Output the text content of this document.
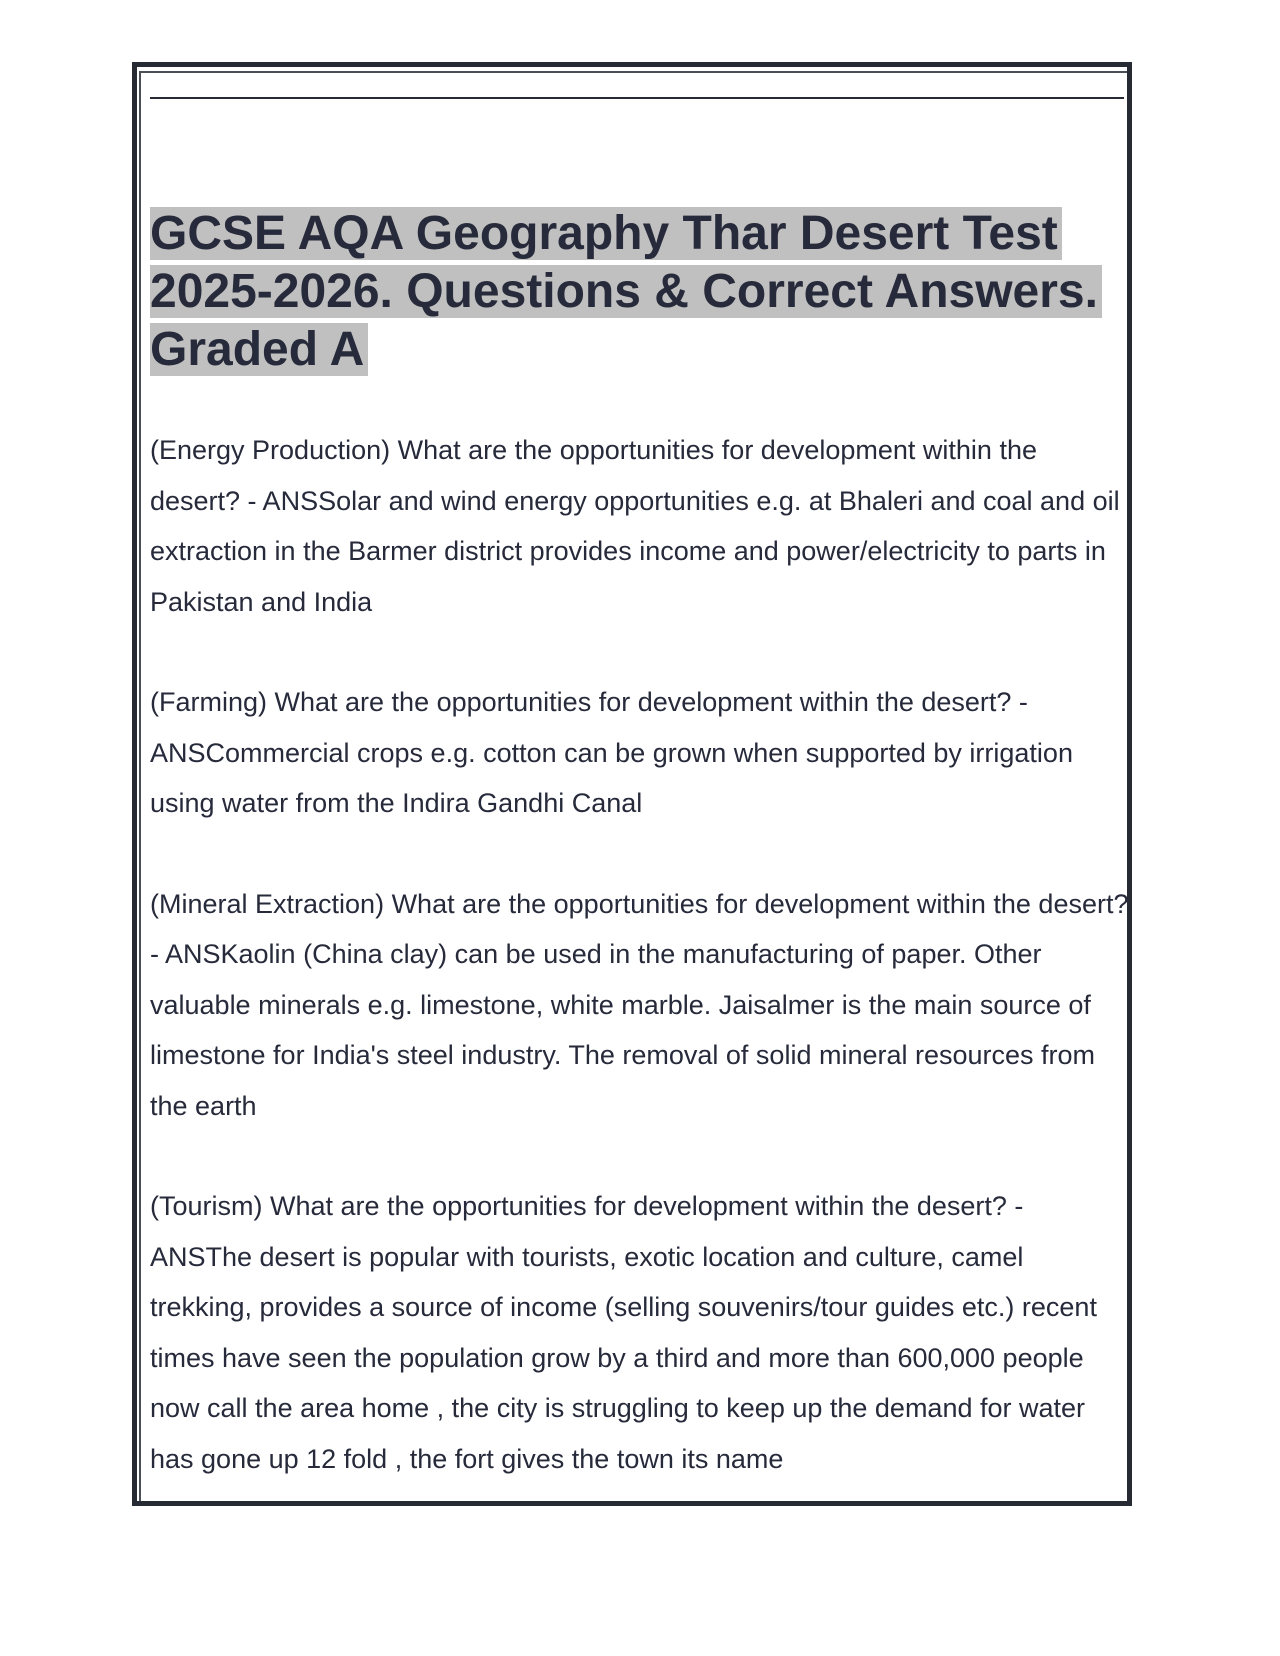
GCSE AQA Geography Thar Desert Test 2025-2026. Questions & Correct Answers. Graded A

(Energy Production) What are the opportunities for development within the desert? - ANSSolar and wind energy opportunities e.g. at Bhaleri and coal and oil extraction in the Barmer district provides income and power/electricity to parts in Pakistan and India

(Farming) What are the opportunities for development within the desert? - ANSCommercial crops e.g. cotton can be grown when supported by irrigation using water from the Indira Gandhi Canal

(Mineral Extraction) What are the opportunities for development within the desert? - ANSKaolin (China clay) can be used in the manufacturing of paper. Other valuable minerals e.g. limestone, white marble. Jaisalmer is the main source of limestone for India's steel industry. The removal of solid mineral resources from the earth

(Tourism) What are the opportunities for development within the desert? - ANSThe desert is popular with tourists, exotic location and culture, camel trekking, provides a source of income (selling souvenirs/tour guides etc.) recent times have seen the population grow by a third and more than 600,000 people now call the area home , the city is struggling to keep up the demand for water has gone up 12 fold , the fort gives the town its name
